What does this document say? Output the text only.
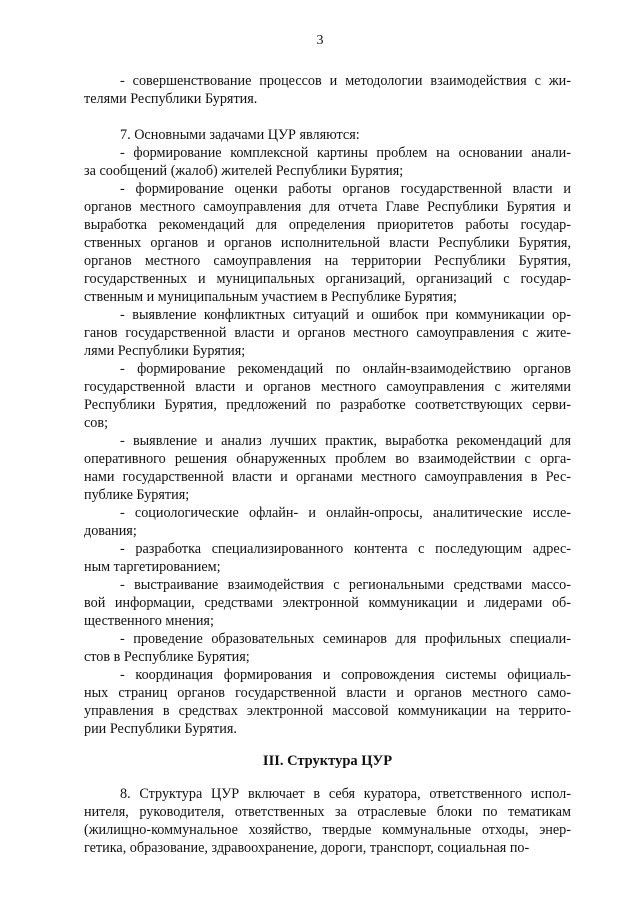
3
- совершенствование процессов и методологии взаимодействия с жи-
телями Республики Бурятия.
7. Основными задачами ЦУР являются:
- формирование комплексной картины проблем на основании анали-
за сообщений (жалоб) жителей Республики Бурятия;
- формирование оценки работы органов государственной власти и
органов местного самоуправления для отчета Главе Республики Бурятия и
выработка рекомендаций для определения приоритетов работы государ-
ственных органов и органов исполнительной власти Республики Бурятия,
органов местного самоуправления на территории Республики Бурятия,
государственных и муниципальных организаций, организаций с государ-
ственным и муниципальным участием в Республике Бурятия;
- выявление конфликтных ситуаций и ошибок при коммуникации ор-
ганов государственной власти и органов местного самоуправления с жите-
лями Республики Бурятия;
- формирование рекомендаций по онлайн-взаимодействию органов
государственной власти и органов местного самоуправления с жителями
Республики Бурятия, предложений по разработке соответствующих серви-
сов;
- выявление и анализ лучших практик, выработка рекомендаций для
оперативного решения обнаруженных проблем во взаимодействии с орга-
нами государственной власти и органами местного самоуправления в Рес-
публике Бурятия;
- социологические офлайн- и онлайн-опросы, аналитические иссле-
дования;
- разработка специализированного контента с последующим адрес-
ным таргетированием;
- выстраивание взаимодействия с региональными средствами массо-
вой информации, средствами электронной коммуникации и лидерами об-
щественного мнения;
- проведение образовательных семинаров для профильных специали-
стов в Республике Бурятия;
- координация формирования и сопровождения системы официаль-
ных страниц органов государственной власти и органов местного само-
управления в средствах электронной массовой коммуникации на террито-
рии Республики Бурятия.
III. Структура ЦУР
8. Структура ЦУР включает в себя куратора, ответственного испол-
нителя, руководителя, ответственных за отраслевые блоки по тематикам
(жилищно-коммунальное хозяйство, твердые коммунальные отходы, энер-
гетика, образование, здравоохранение, дороги, транспорт, социальная по-
